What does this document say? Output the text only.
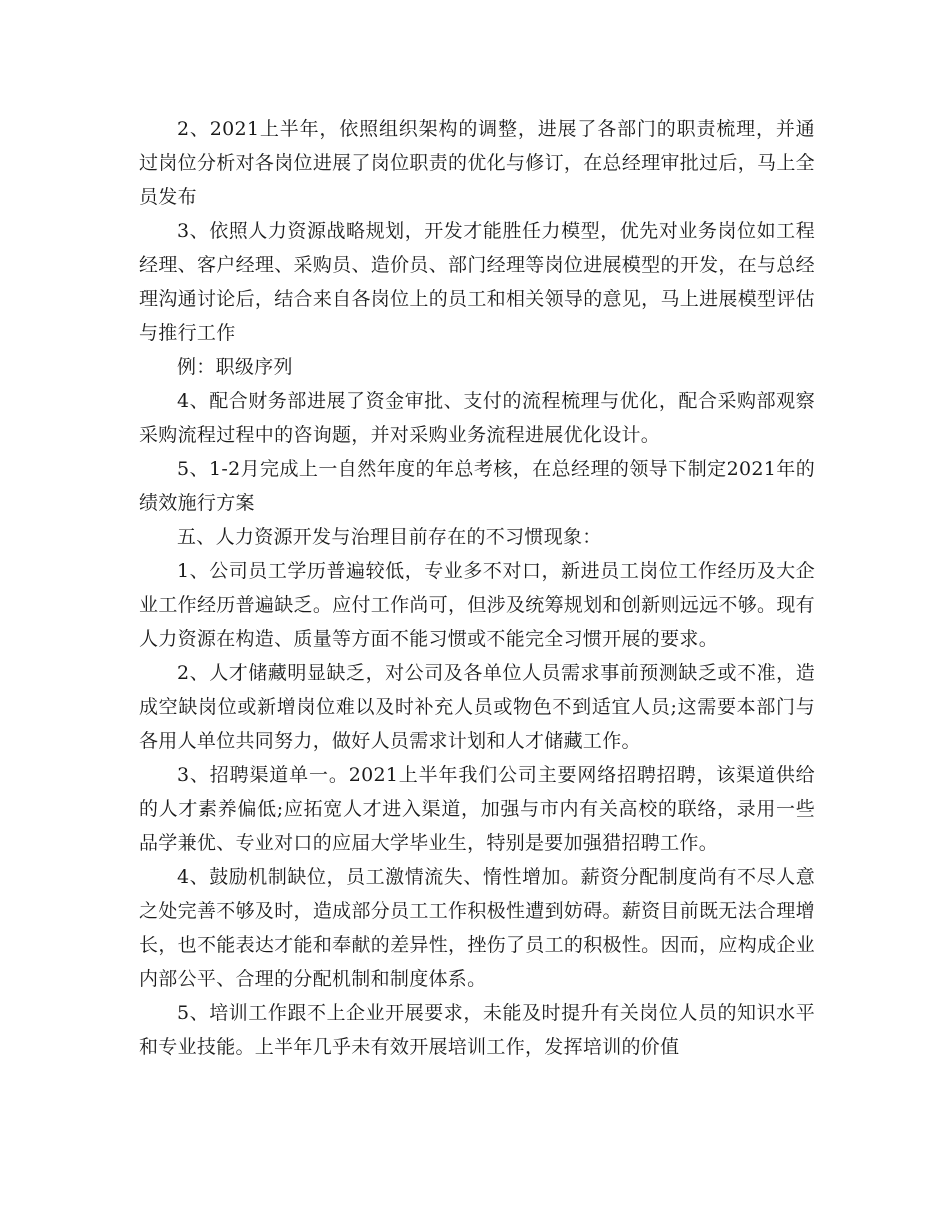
2、2021上半年，依照组织架构的调整，进展了各部门的职责梳理，并通过岗位分析对各岗位进展了岗位职责的优化与修订，在总经理审批过后，马上全员发布

3、依照人力资源战略规划，开发才能胜任力模型，优先对业务岗位如工程经理、客户经理、采购员、造价员、部门经理等岗位进展模型的开发，在与总经理沟通讨论后，结合来自各岗位上的员工和相关领导的意见，马上进展模型评估与推行工作

例：职级序列

4、配合财务部进展了资金审批、支付的流程梳理与优化，配合采购部观察采购流程过程中的咨询题，并对采购业务流程进展优化设计。

5、1-2月完成上一自然年度的年总考核，在总经理的领导下制定2021年的绩效施行方案

五、人力资源开发与治理目前存在的不习惯现象：

1、公司员工学历普遍较低，专业多不对口，新进员工岗位工作经历及大企业工作经历普遍缺乏。应付工作尚可，但涉及统筹规划和创新则远远不够。现有人力资源在构造、质量等方面不能习惯或不能完全习惯开展的要求。

2、人才储藏明显缺乏，对公司及各单位人员需求事前预测缺乏或不准，造成空缺岗位或新增岗位难以及时补充人员或物色不到适宜人员;这需要本部门与各用人单位共同努力，做好人员需求计划和人才储藏工作。

3、招聘渠道单一。2021上半年我们公司主要网络招聘招聘，该渠道供给的人才素养偏低;应拓宽人才进入渠道，加强与市内有关高校的联络，录用一些品学兼优、专业对口的应届大学毕业生，特别是要加强猎招聘工作。

4、鼓励机制缺位，员工激情流失、惰性增加。薪资分配制度尚有不尽人意之处完善不够及时，造成部分员工工作积极性遭到妨碍。薪资目前既无法合理增长，也不能表达才能和奉献的差异性，挫伤了员工的积极性。因而，应构成企业内部公平、合理的分配机制和制度体系。

5、培训工作跟不上企业开展要求，未能及时提升有关岗位人员的知识水平和专业技能。上半年几乎未有效开展培训工作，发挥培训的价值
